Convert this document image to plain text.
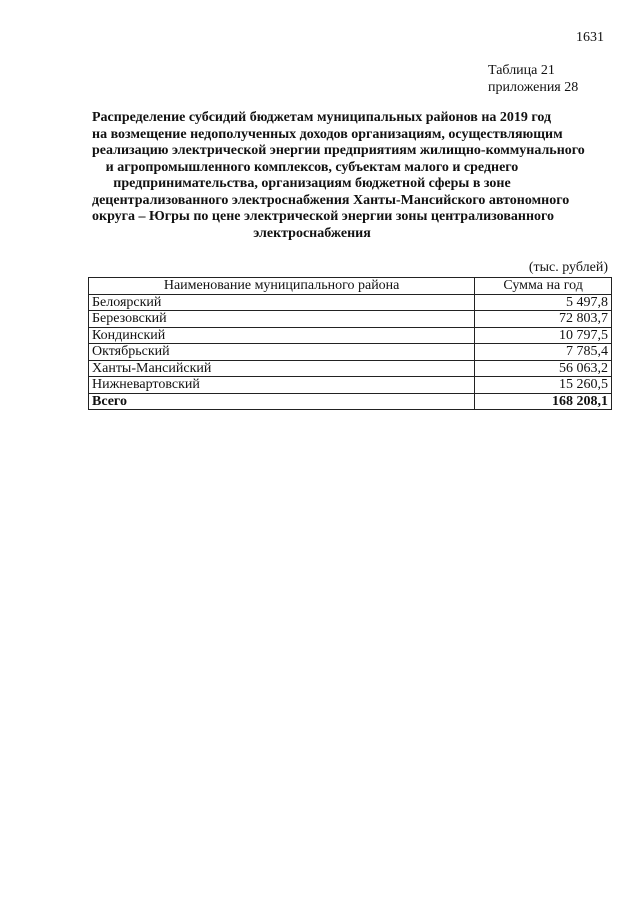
1631
Таблица 21
приложения 28
Распределение субсидий бюджетам муниципальных районов на 2019 год
на возмещение недополученных доходов организациям, осуществляющим
реализацию электрической энергии предприятиям жилищно-коммунального
и агропромышленного комплексов, субъектам малого и среднего
предпринимательства, организациям бюджетной сферы в зоне
децентрализованного электроснабжения Ханты-Мансийского автономного
округа – Югры по цене электрической энергии зоны централизованного
электроснабжения
(тыс. рублей)
Наименование муниципального района	Сумма на год
Белоярский	5 497,8
Березовский	72 803,7
Кондинский	10 797,5
Октябрьский	7 785,4
Ханты-Мансийский	56 063,2
Нижневартовский	15 260,5
Всего	168 208,1
